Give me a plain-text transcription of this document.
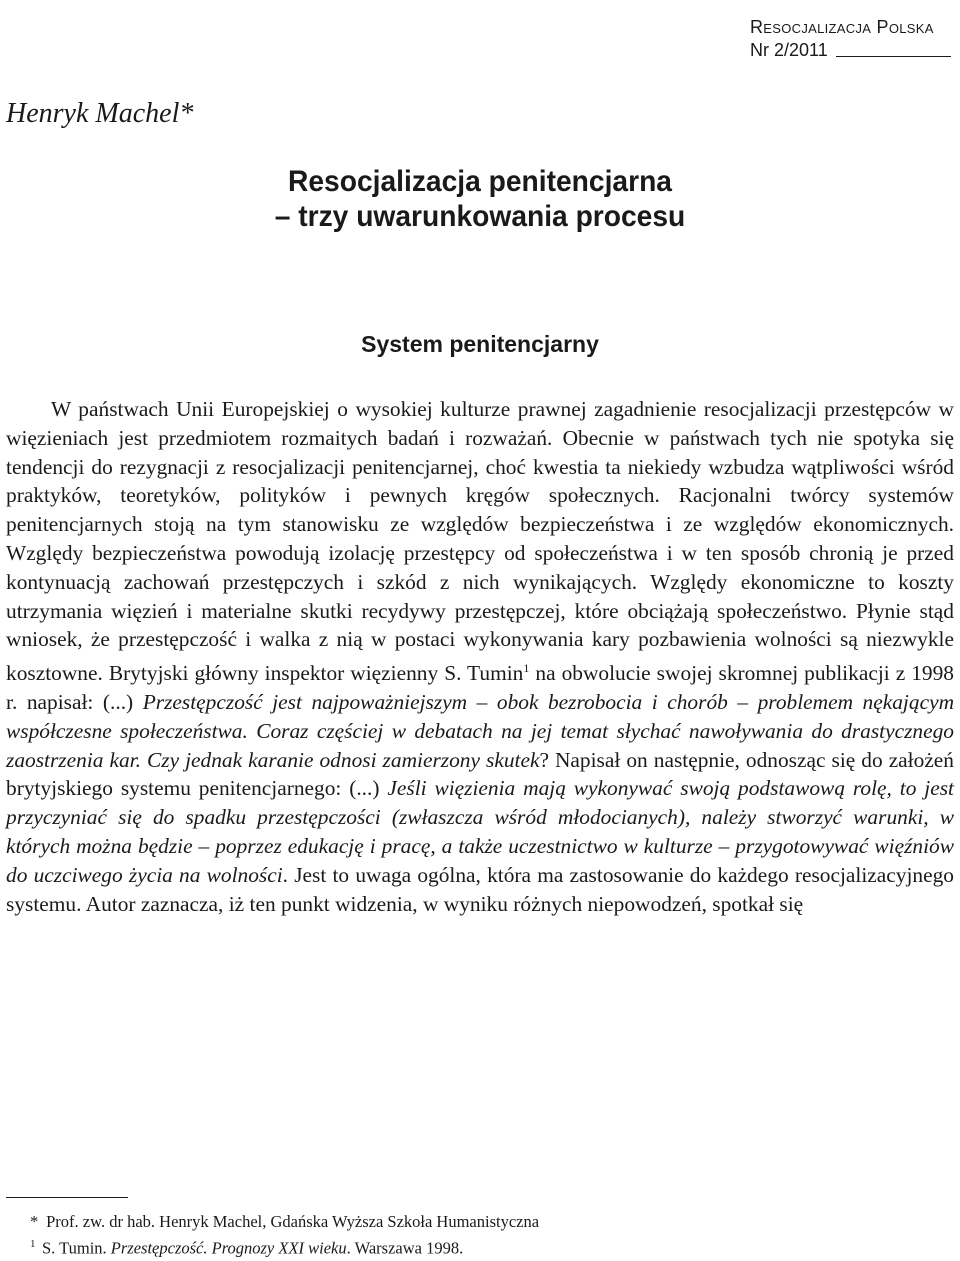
Resocjalizacja Polska
Nr 2/2011
Henryk Machel*
Resocjalizacja penitencjarna
– trzy uwarunkowania procesu
System penitencjarny

W państwach Unii Europejskiej o wysokiej kulturze prawnej zagadnienie resocjalizacji przestępców w więzieniach jest przedmiotem rozmaitych badań i rozważań. Obecnie w państwach tych nie spotyka się tendencji do rezygnacji z resocjalizacji penitencjarnej, choć kwestia ta niekiedy wzbudza wątpliwości wśród praktyków, teoretyków, polityków i pewnych kręgów społecznych. Racjonalni twórcy systemów penitencjarnych stoją na tym stanowisku ze względów bezpieczeństwa i ze względów ekonomicznych. Względy bezpieczeństwa powodują izolację przestępcy od społeczeństwa i w ten sposób chronią je przed kontynuacją zachowań przestępczych i szkód z nich wynikających. Względy ekonomiczne to koszty utrzymania więzień i materialne skutki recydywy przestępczej, które obciążają społeczeństwo. Płynie stąd wniosek, że przestępczość i walka z nią w postaci wykonywania kary pozbawienia wolności są niezwykle kosztowne. Brytyjski główny inspektor więzienny S. Tumin$^1$ na obwolucie swojej skromnej publikacji z 1998 r. napisał: (...) Przestępczość jest najpoważniejszym – obok bezrobocia i chorób – problemem nękającym współczesne społeczeństwa. Coraz częściej w debatach na jej temat słychać nawoływania do drastycznego zaostrzenia kar. Czy jednak karanie odnosi zamierzony skutek? Napisał on następnie, odnosząc się do założeń brytyjskiego systemu penitencjarnego: (...) Jeśli więzienia mają wykonywać swoją podstawową rolę, to jest przyczyniać się do spadku przestępczości (zwłaszcza wśród młodocianych), należy stworzyć warunki, w których można będzie – poprzez edukację i pracę, a także uczestnictwo w kulturze – przygotowywać więźniów do uczciwego życia na wolności. Jest to uwaga ogólna, która ma zastosowanie do każdego resocjalizacyjnego systemu. Autor zaznacza, iż ten punkt widzenia, w wyniku różnych niepowodzeń, spotkał się

* Prof. zw. dr hab. Henryk Machel, Gdańska Wyższa Szkoła Humanistyczna

$^1$ S. Tumin. Przestępczość. Prognozy XXI wieku. Warszawa 1998.
